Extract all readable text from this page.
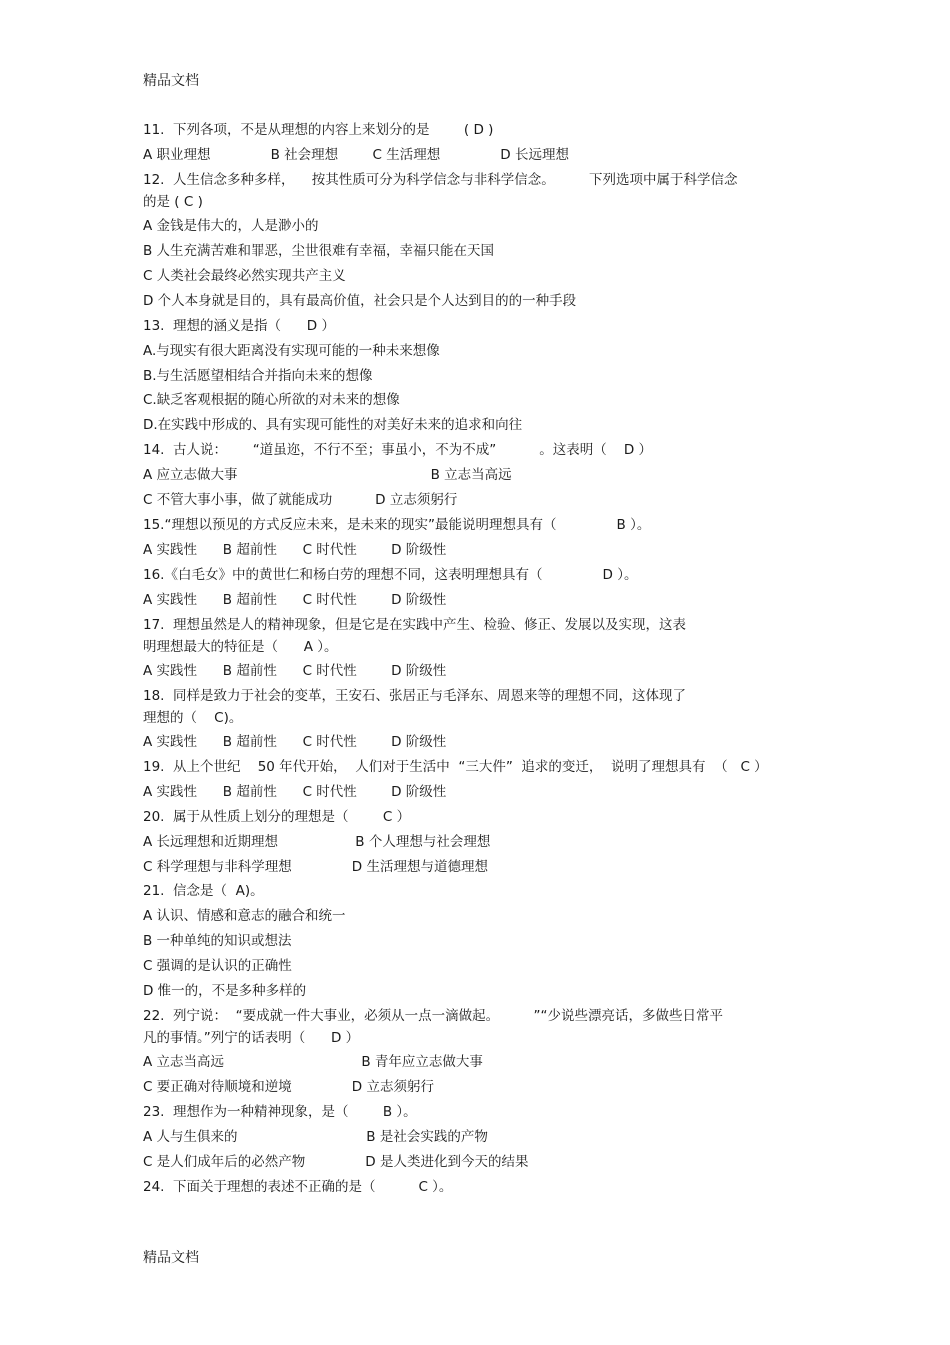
精品文档
11.  下列各项，不是从理想的内容上来划分的是        ( D )
A 职业理想              B 社会理想        C 生活理想              D 长远理想
12.  人生信念多种多样，    按其性质可分为科学信念与非科学信念。        下列选项中属于科学信念
的是 ( C )
A 金钱是伟大的，人是渺小的
B 人生充满苦难和罪恶，尘世很难有幸福，幸福只能在天国
C 人类社会最终必然实现共产主义
D 个人本身就是目的，具有最高价值，社会只是个人达到目的的一种手段
13.  理想的涵义是指（      D ）
A.与现实有很大距离没有实现可能的一种未来想像
B.与生活愿望相结合并指向未来的想像
C.缺乏客观根据的随心所欲的对未来的想像
D.在实践中形成的、具有实现可能性的对美好未来的追求和向往
14.  古人说：      “道虽迩，不行不至；事虽小，不为不成”          。这表明（    D ）
A 应立志做大事                                             B 立志当高远
C 不管大事小事，做了就能成功          D 立志须躬行
15.“理想以预见的方式反应未来，是未来的现实”最能说明理想具有（              B ）。
A 实践性      B 超前性      C 时代性        D 阶级性
16.《白毛女》中的黄世仁和杨白劳的理想不同，这表明理想具有（              D ）。
A 实践性      B 超前性      C 时代性        D 阶级性
17.  理想虽然是人的精神现象，但是它是在实践中产生、检验、修正、发展以及实现，这表
明理想最大的特征是（      A ）。
A 实践性      B 超前性      C 时代性        D 阶级性
18.  同样是致力于社会的变革，王安石、张居正与毛泽东、周恩来等的理想不同，这体现了
理想的（    C)。
A 实践性      B 超前性      C 时代性        D 阶级性
19.  从上个世纪    50 年代开始，  人们对于生活中  “三大件”  追求的变迁，  说明了理想具有  （   C ）
A 实践性      B 超前性      C 时代性        D 阶级性
20.  属于从性质上划分的理想是（        C ）
A 长远理想和近期理想                  B 个人理想与社会理想
C 科学理想与非科学理想              D 生活理想与道德理想
21.  信念是（  A)。
A 认识、情感和意志的融合和统一
B 一种单纯的知识或想法
C 强调的是认识的正确性
D 惟一的，不是多种多样的
22.  列宁说：  “要成就一件大事业，必须从一点一滴做起。        ”“少说些漂亮话，多做些日常平
凡的事情。”列宁的话表明（      D ）
A 立志当高远                                B 青年应立志做大事
C 要正确对待顺境和逆境              D 立志须躬行
23.  理想作为一种精神现象，是（        B ）。
A 人与生俱来的                              B 是社会实践的产物
C 是人们成年后的必然产物              D 是人类进化到今天的结果
24.  下面关于理想的表述不正确的是（          C ）。
精品文档
